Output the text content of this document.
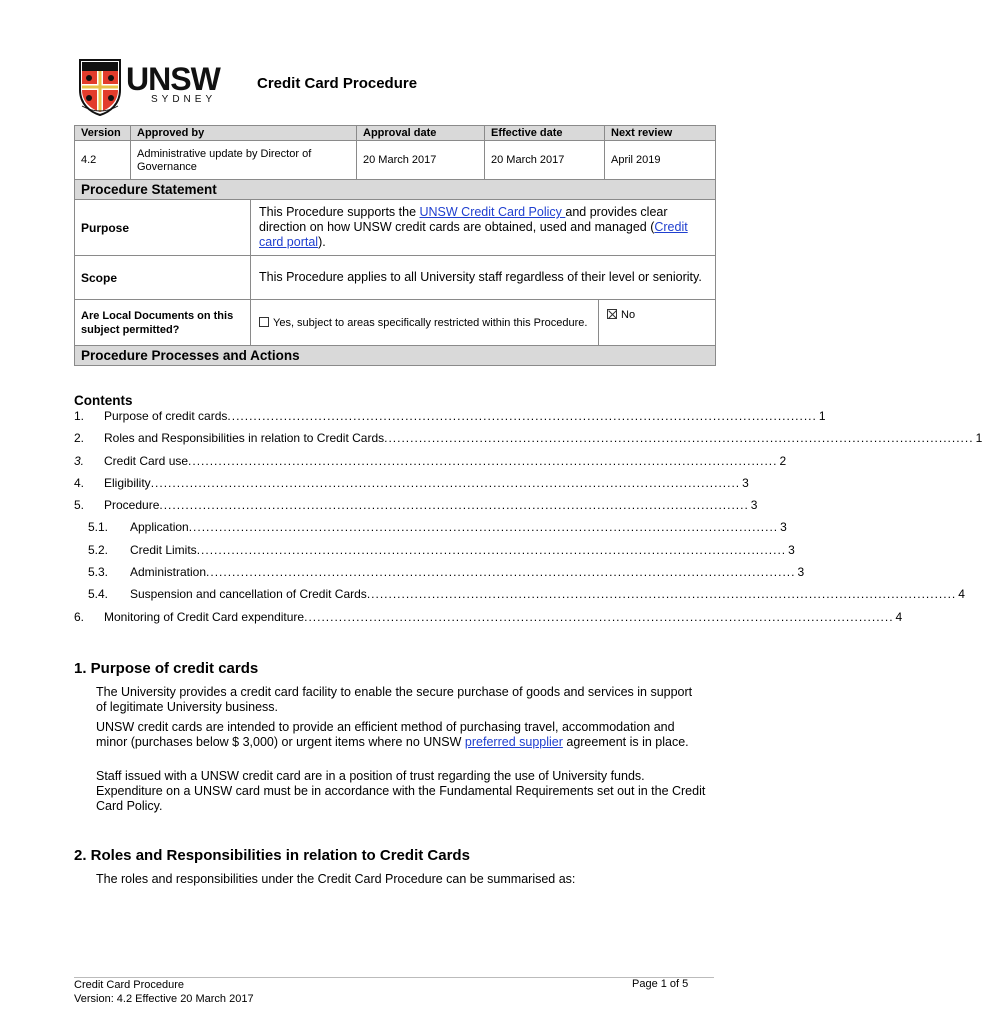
UNSW
SYDNEY
Credit Card Procedure
Version	Approved by	Approval date	Effective date	Next review
4.2	Administrative update by Director of Governance	20 March 2017	20 March 2017	April 2019
Procedure Statement		
Purpose	This Procedure supports the UNSW Credit Card Policy and provides clear direction on how UNSW credit cards are obtained, used and managed (Credit card portal).	
Scope	This Procedure applies to all University staff regardless of their level or seniority.	
Are Local Documents on this subject permitted?	Yes, subject to areas specifically restricted within this Procedure.	No
Procedure Processes and Actions		
Contents
1.	Purpose of credit cards ........................................................................................................................................ 1
2.	Roles and Responsibilities in relation to Credit Cards ........................................................................................................................................ 1
3.	Credit Card use ........................................................................................................................................ 2
4.	Eligibility ........................................................................................................................................ 3
5.	Procedure ........................................................................................................................................ 3
5.1.	Application ........................................................................................................................................ 3
5.2.	Credit Limits ........................................................................................................................................ 3
5.3.	Administration ........................................................................................................................................ 3
5.4.	Suspension and cancellation of Credit Cards ........................................................................................................................................ 4
6.	Monitoring of Credit Card expenditure ........................................................................................................................................ 4
1. Purpose of credit cards
The University provides a credit card facility to enable the secure purchase of goods and services in support of legitimate University business.
UNSW credit cards are intended to provide an efficient method of purchasing travel, accommodation and minor (purchases below $ 3,000) or urgent items where no UNSW preferred supplier agreement is in place.
Staff issued with a UNSW credit card are in a position of trust regarding the use of University funds. Expenditure on a UNSW card must be in accordance with the Fundamental Requirements set out in the Credit Card Policy.
2. Roles and Responsibilities in relation to Credit Cards
The roles and responsibilities under the Credit Card Procedure can be summarised as:
Credit Card Procedure
Version: 4.2 Effective 20 March 2017
Page 1 of 5
